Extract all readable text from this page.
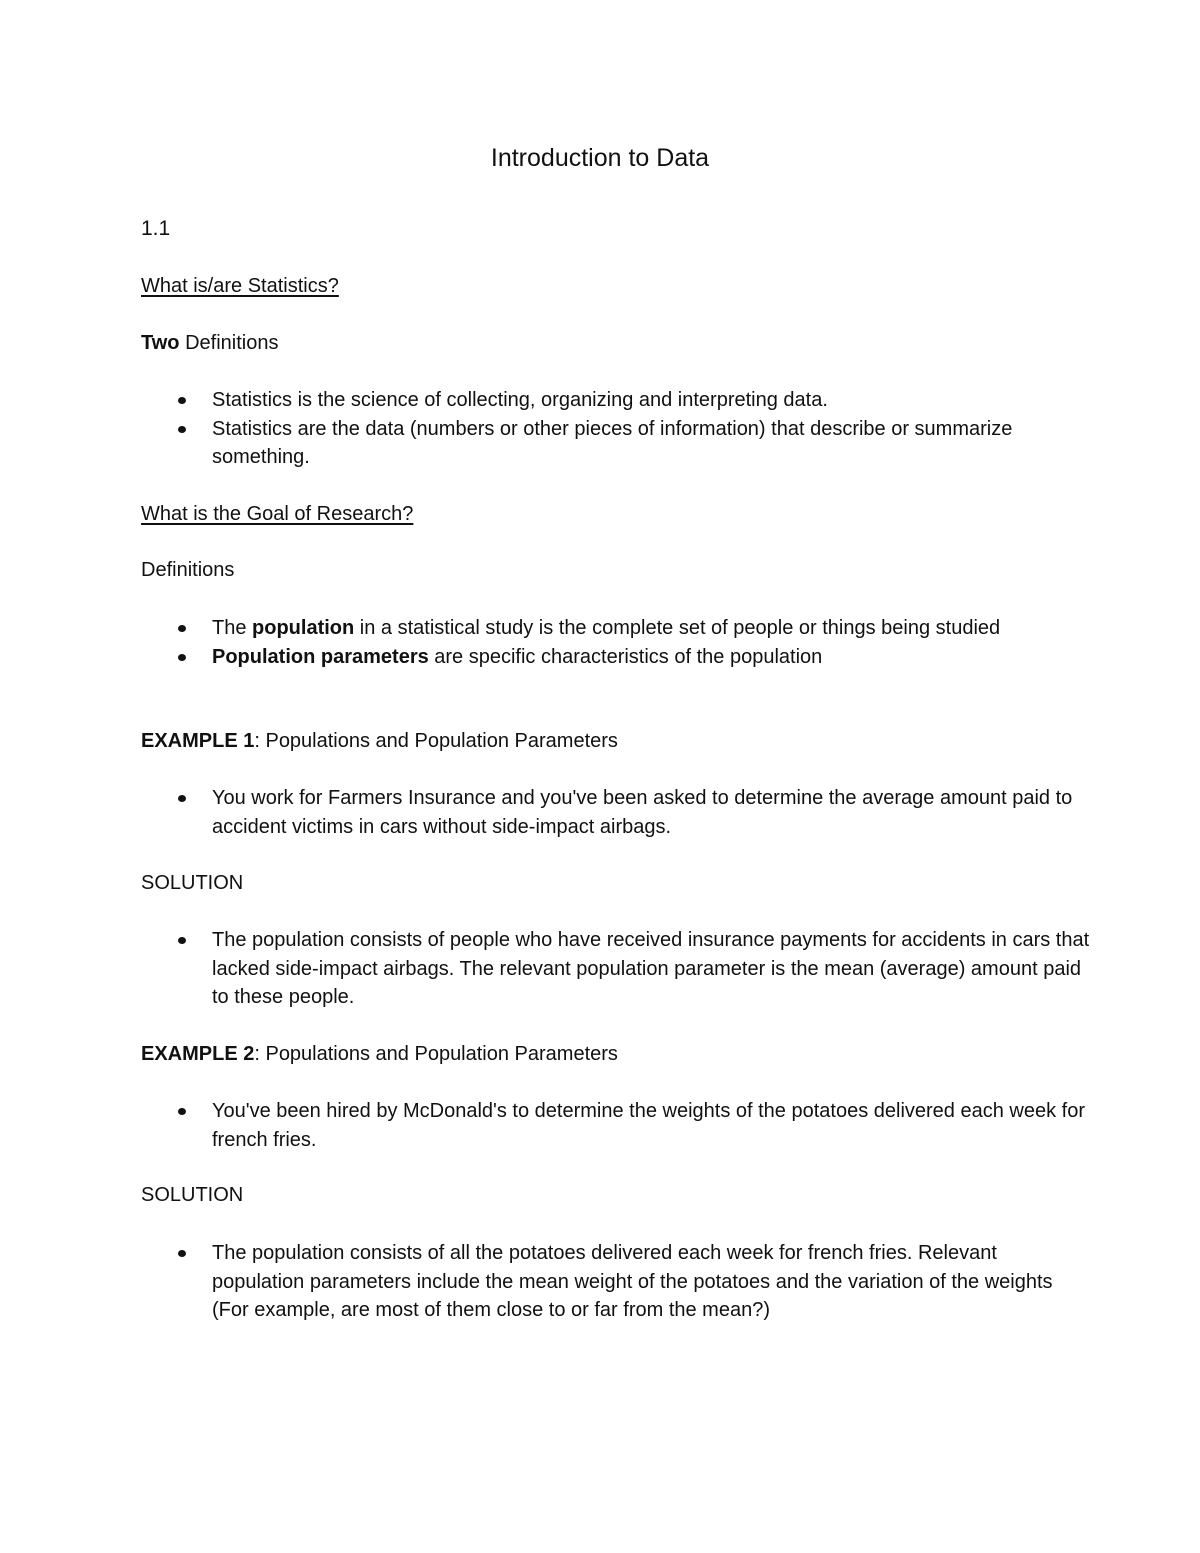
Introduction to Data
1.1
What is/are Statistics?
Two Definitions
Statistics is the science of collecting, organizing and interpreting data.
Statistics are the data (numbers or other pieces of information) that describe or summarize something.
What is the Goal of Research?
Definitions
The population in a statistical study is the complete set of people or things being studied
Population parameters are specific characteristics of the population
EXAMPLE 1: Populations and Population Parameters
You work for Farmers Insurance and you've been asked to determine the average amount paid to accident victims in cars without side-impact airbags.
SOLUTION
The population consists of people who have received insurance payments for accidents in cars that lacked side-impact airbags. The relevant population parameter is the mean (average) amount paid to these people.
EXAMPLE 2: Populations and Population Parameters
You've been hired by McDonald's to determine the weights of the potatoes delivered each week for french fries.
SOLUTION
The population consists of all the potatoes delivered each week for french fries. Relevant population parameters include the mean weight of the potatoes and the variation of the weights (For example, are most of them close to or far from the mean?)
